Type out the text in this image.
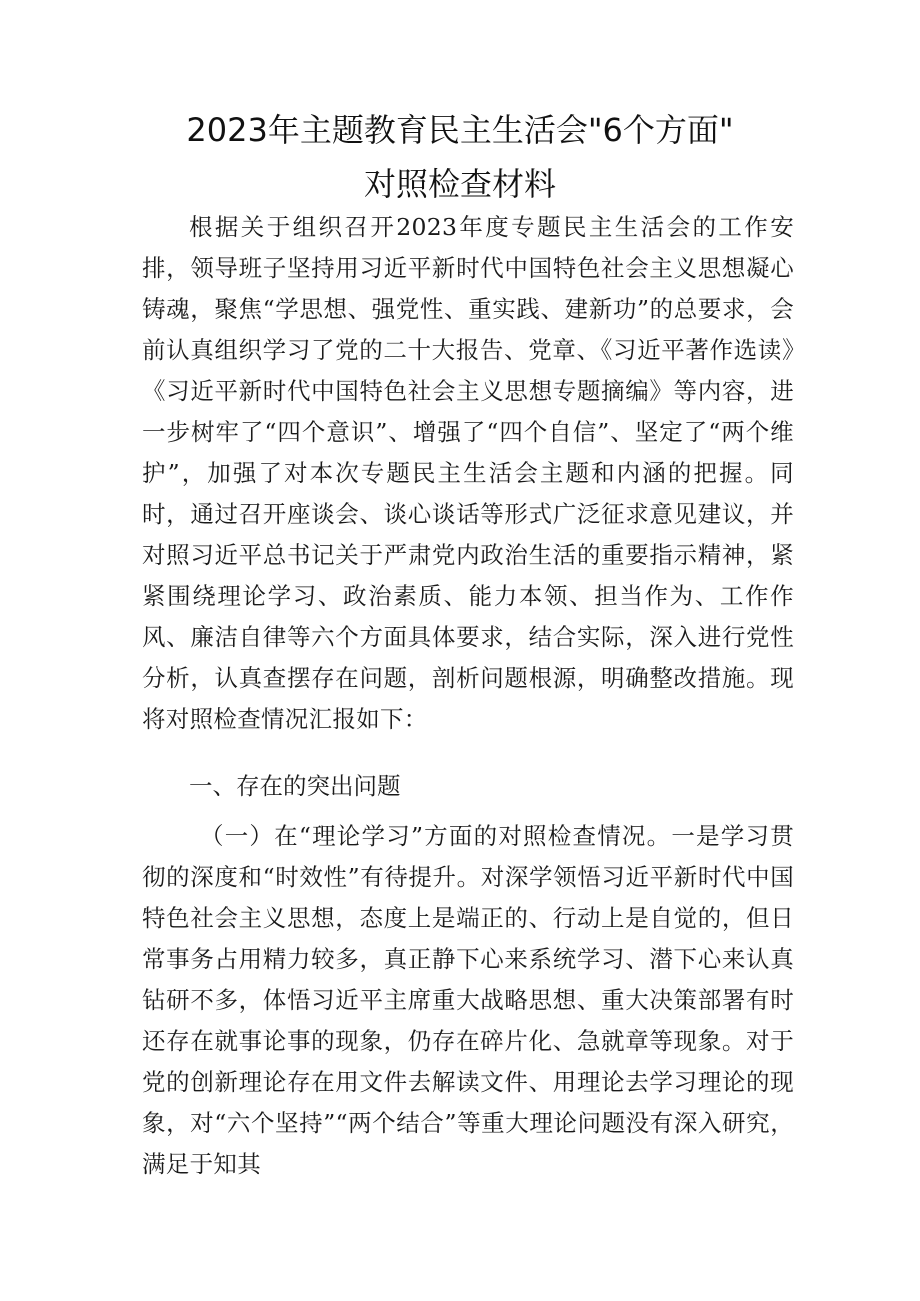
2023年主题教育民主生活会"6个方面"
对照检查材料

根据关于组织召开2023年度专题民主生活会的工作安排，领导班子坚持用习近平新时代中国特色社会主义思想凝心铸魂，聚焦“学思想、强党性、重实践、建新功”的总要求，会前认真组织学习了党的二十大报告、党章、《习近平著作选读》《习近平新时代中国特色社会主义思想专题摘编》等内容，进一步树牢了“四个意识”、增强了“四个自信”、坚定了“两个维护”，加强了对本次专题民主生活会主题和内涵的把握。同时，通过召开座谈会、谈心谈话等形式广泛征求意见建议，并对照习近平总书记关于严肃党内政治生活的重要指示精神，紧紧围绕理论学习、政治素质、能力本领、担当作为、工作作风、廉洁自律等六个方面具体要求，结合实际，深入进行党性分析，认真查摆存在问题，剖析问题根源，明确整改措施。现将对照检查情况汇报如下：

一、存在的突出问题

（一）在“理论学习”方面的对照检查情况。一是学习贯彻的深度和“时效性”有待提升。对深学领悟习近平新时代中国特色社会主义思想，态度上是端正的、行动上是自觉的，但日常事务占用精力较多，真正静下心来系统学习、潜下心来认真钻研不多，体悟习近平主席重大战略思想、重大决策部署有时还存在就事论事的现象，仍存在碎片化、急就章等现象。对于党的创新理论存在用文件去解读文件、用理论去学习理论的现象，对“六个坚持”“两个结合”等重大理论问题没有深入研究，满足于知其
